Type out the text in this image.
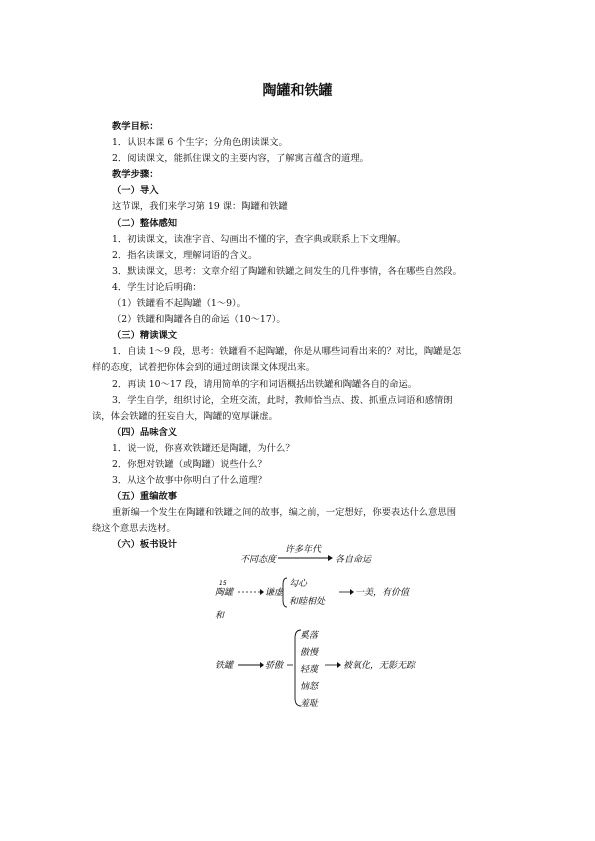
陶罐和铁罐
教学目标：
1．认识本课 6 个生字；分角色朗读课文。
2．阅读课文，能抓住课文的主要内容，了解寓言蕴含的道理。
教学步骤：
（一）导入
这节课，我们来学习第 19 课：陶罐和铁罐
（二）整体感知
1．初读课文，读准字音、勾画出不懂的字，查字典或联系上下文理解。
2．指名读课文，理解词语的含义。
3．默读课文，思考：文章介绍了陶罐和铁罐之间发生的几件事情，各在哪些自然段。
4．学生讨论后明确：
（1）铁罐看不起陶罐（1～9）。
（2）铁罐和陶罐各自的命运（10～17）。
（三）精读课文
1．自读 1～9 段，思考：铁罐看不起陶罐，你是从哪些词看出来的？对比，陶罐是怎
样的态度，试着把你体会到的通过朗读课文体现出来。
2．再读 10～17 段，请用简单的字和词语概括出铁罐和陶罐各自的命运。
3．学生自学，组织讨论，全班交流，此时，教师恰当点、拨、抓重点词语和感情朗
读，体会铁罐的狂妄自大，陶罐的宽厚谦虚。
（四）品味含义
1．说一说，你喜欢铁罐还是陶罐，为什么？
2．你想对铁罐（或陶罐）说些什么？
3．从这个故事中你明白了什么道理？
（五）重编故事
重新编一个发生在陶罐和铁罐之间的故事，编之前，一定想好，你要表达什么意思围
绕这个意思去选材。
（六）板书设计
不同态度
许多年代
各自命运
15
陶罐	谦虚
勾心
和睦相处
一美，有价值
和
铁罐	骄傲
奚落
傲慢
轻蔑
恼怒
羞耻
被氧化，无影无踪
